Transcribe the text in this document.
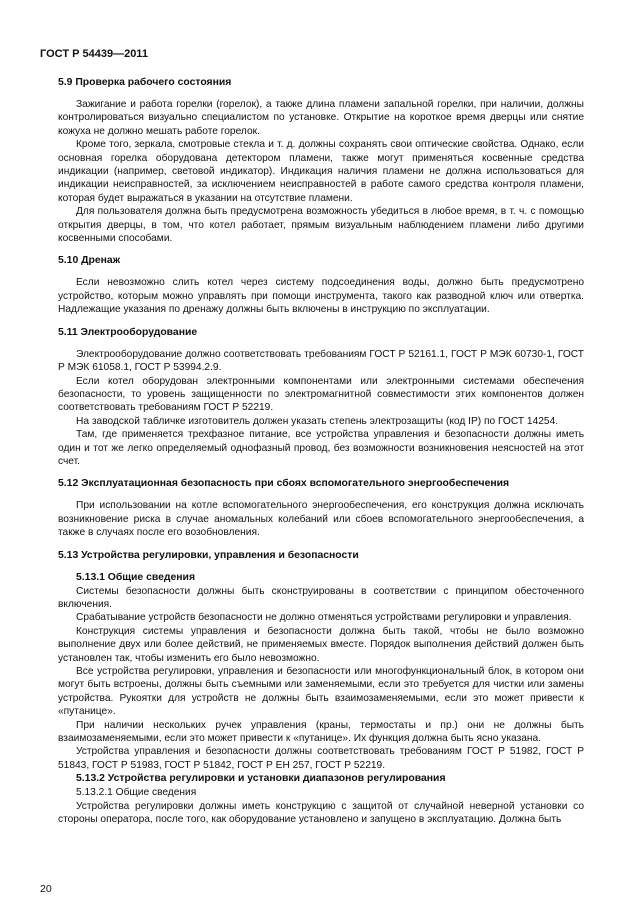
ГОСТ Р 54439—2011
5.9 Проверка рабочего состояния

Зажигание и работа горелки (горелок), а также длина пламени запальной горелки, при наличии, должны контролироваться визуально специалистом по установке. Открытие на короткое время дверцы или снятие кожуха не должно мешать работе горелок.

Кроме того, зеркала, смотровые стекла и т. д. должны сохранять свои оптические свойства. Однако, если основная горелка оборудована детектором пламени, также могут применяться косвенные средства индикации (например, световой индикатор). Индикация наличия пламени не должна использоваться для индикации неисправностей, за исключением неисправностей в работе самого средства контроля пламени, которая будет выражаться в указании на отсутствие пламени.

Для пользователя должна быть предусмотрена возможность убедиться в любое время, в т. ч. с помощью открытия дверцы, в том, что котел работает, прямым визуальным наблюдением пламени либо другими косвенными способами.

5.10 Дренаж

Если невозможно слить котел через систему подсоединения воды, должно быть предусмотрено устройство, которым можно управлять при помощи инструмента, такого как разводной ключ или отвертка. Надлежащие указания по дренажу должны быть включены в инструкцию по эксплуатации.

5.11 Электрооборудование

Электрооборудование должно соответствовать требованиям ГОСТ Р 52161.1, ГОСТ Р МЭК 60730-1, ГОСТ Р МЭК 61058.1, ГОСТ Р 53994.2.9.

Если котел оборудован электронными компонентами или электронными системами обеспечения безопасности, то уровень защищенности по электромагнитной совместимости этих компонентов должен соответствовать требованиям ГОСТ Р 52219.

На заводской табличке изготовитель должен указать степень электрозащиты (код IP) по ГОСТ 14254.

Там, где применяется трехфазное питание, все устройства управления и безопасности должны иметь один и тот же легко определяемый однофазный провод, без возможности возникновения неясностей на этот счет.

5.12 Эксплуатационная безопасность при сбоях вспомогательного энергообеспечения

При использовании на котле вспомогательного энергообеспечения, его конструкция должна исключать возникновение риска в случае аномальных колебаний или сбоев вспомогательного энергообеспечения, а также в случаях после его возобновления.

5.13 Устройства регулировки, управления и безопасности
5.13.1 Общие сведения

Системы безопасности должны быть сконструированы в соответствии с принципом обесточенного включения.

Срабатывание устройств безопасности не должно отменяться устройствами регулировки и управления.

Конструкция системы управления и безопасности должна быть такой, чтобы не было возможно выполнение двух или более действий, не применяемых вместе. Порядок выполнения действий должен быть установлен так, чтобы изменить его было невозможно.

Все устройства регулировки, управления и безопасности или многофункциональный блок, в котором они могут быть встроены, должны быть съемными или заменяемыми, если это требуется для чистки или замены устройства. Рукоятки для устройств не должны быть взаимозаменяемыми, если это может привести к «путанице».

При наличии нескольких ручек управления (краны, термостаты и пр.) они не должны быть взаимозаменяемыми, если это может привести к «путанице». Их функция должна быть ясно указана.

Устройства управления и безопасности должны соответствовать требованиям ГОСТ Р 51982, ГОСТ Р 51843, ГОСТ Р 51983, ГОСТ Р 51842, ГОСТ Р ЕН 257, ГОСТ Р 52219.

5.13.2 Устройства регулировки и установки диапазонов регулирования
5.13.2.1 Общие сведения

Устройства регулировки должны иметь конструкцию с защитой от случайной неверной установки со стороны оператора, после того, как оборудование установлено и запущено в эксплуатацию. Должна быть

20
